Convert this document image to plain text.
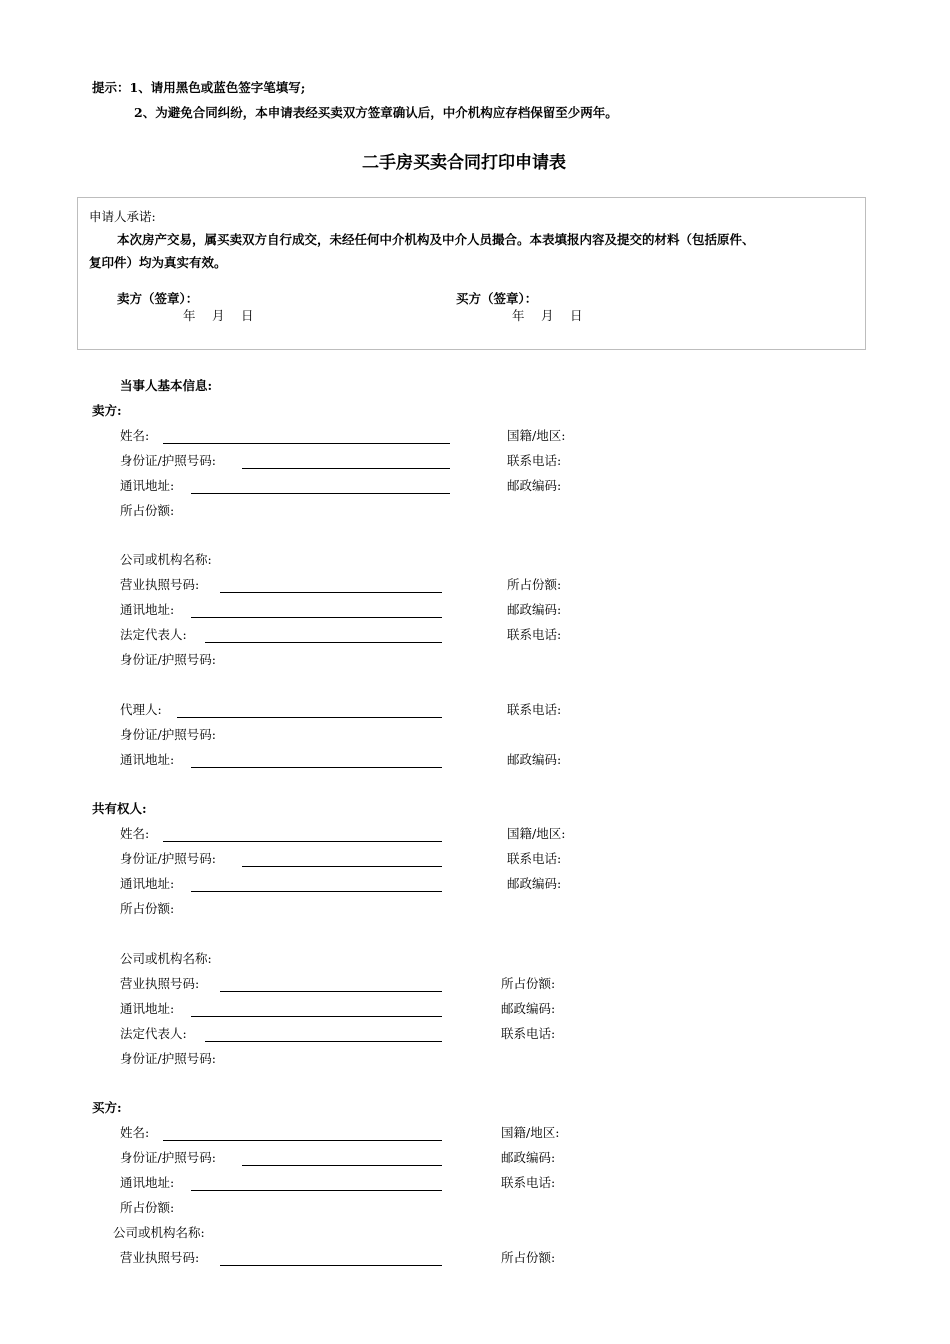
提示：1、请用黑色或蓝色签字笔填写;
2、为避免合同纠纷，本申请表经买卖双方签章确认后，中介机构应存档保留至少两年。
二手房买卖合同打印申请表
申请人承诺:
本次房产交易，属买卖双方自行成交，未经任何中介机构及中介人员撮合。本表填报内容及提交的材料（包括原件、
复印件）均为真实有效。
卖方（签章）：
年　 月　 日
买方（签章）：
年　 月　 日
当事人基本信息:
卖方:
姓名:	国籍/地区:
身份证/护照号码:	联系电话:
通讯地址:	邮政编码:
所占份额:
公司或机构名称:
营业执照号码:	所占份额:
通讯地址:	邮政编码:
法定代表人:	联系电话:
身份证/护照号码:
代理人:	联系电话:
身份证/护照号码:
通讯地址:	邮政编码:
共有权人:
姓名:	国籍/地区:
身份证/护照号码:	联系电话:
通讯地址:	邮政编码:
所占份额:
公司或机构名称:
营业执照号码:	所占份额:
通讯地址:	邮政编码:
法定代表人:	联系电话:
身份证/护照号码:
买方:
姓名:	国籍/地区:
身份证/护照号码:	邮政编码:
通讯地址:	联系电话:
所占份额:
公司或机构名称:
营业执照号码:	所占份额:
